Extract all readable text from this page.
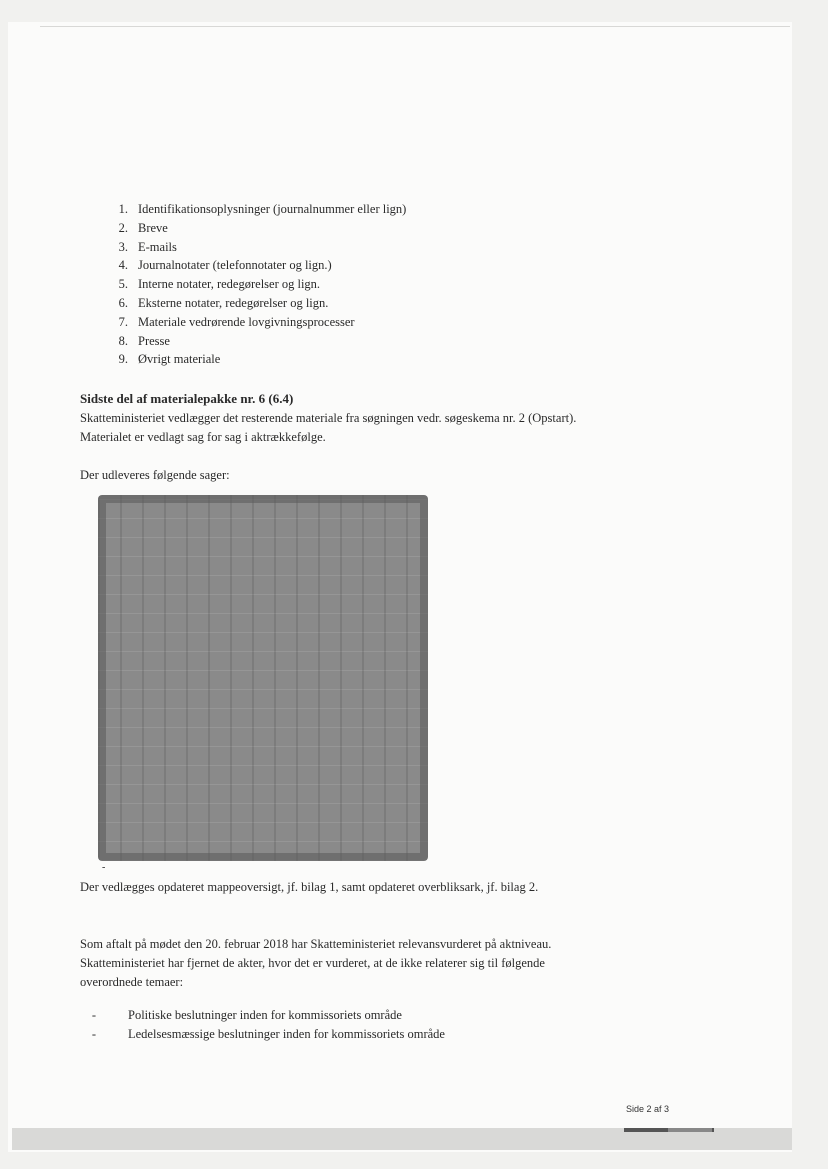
1. Identifikationsoplysninger (journalnummer eller lign)
2. Breve
3. E-mails
4. Journalnotater (telefonnotater og lign.)
5. Interne notater, redegørelser og lign.
6. Eksterne notater, redegørelser og lign.
7. Materiale vedrørende lovgivningsprocesser
8. Presse
9. Øvrigt materiale
Sidste del af materialepakke nr. 6 (6.4)
Skatteministeriet vedlægger det resterende materiale fra søgningen vedr. søgeskema nr. 2 (Opstart). Materialet er vedlagt sag for sag i aktrækkefølge.
Der udleveres følgende sager:
-
Der vedlægges opdateret mappeoversigt, jf. bilag 1, samt opdateret overbliksark, jf. bilag 2.
Som aftalt på mødet den 20. februar 2018 har Skatteministeriet relevansvurderet på aktniveau. Skatteministeriet har fjernet de akter, hvor det er vurderet, at de ikke relaterer sig til følgende overordnede temaer:
-	Politiske beslutninger inden for kommissoriets område
-	Ledelsesmæssige beslutninger inden for kommissoriets område
Side 2 af 3
